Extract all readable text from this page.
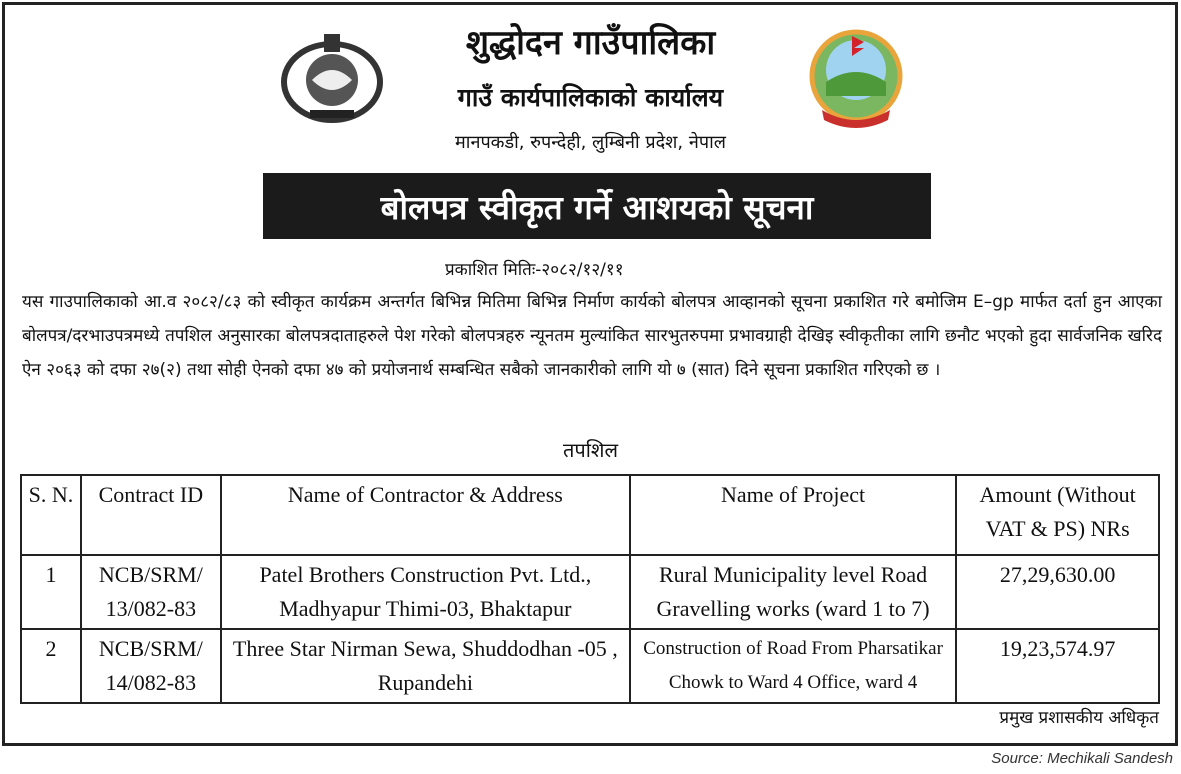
शुद्धोदन गाउँपालिका
गाउँ कार्यपालिकाको कार्यालय
मानपकडी, रुपन्देही, लुम्बिनी प्रदेश, नेपाल
बोलपत्र स्वीकृत गर्ने आशयको सूचना
प्रकाशित मितिः-२०८२/१२/११
यस गाउपालिकाको आ.व २०८२/८३ को स्वीकृत कार्यक्रम अन्तर्गत बिभिन्न मितिमा बिभिन्न निर्माण कार्यको बोलपत्र आव्हानको सूचना प्रकाशित गरे बमोजिम E–gp मार्फत दर्ता हुन आएका बोलपत्र/दरभाउपत्रमध्ये तपशिल अनुसारका बोलपत्रदाताहरुले पेश गरेको बोलपत्रहरु न्यूनतम मुल्यांकित सारभुतरुपमा प्रभावग्राही देखिइ स्वीकृतीका लागि छनौट भएको हुदा सार्वजनिक खरिद ऐन २०६३ को दफा २७(२) तथा सोही ऐनको दफा ४७ को प्रयोजनार्थ सम्बन्धित सबैको जानकारीको लागि यो ७ (सात) दिने सूचना प्रकाशित गरिएको छ ।
तपशिल
S. N.	Contract ID	Name of Contractor & Address	Name of Project	Amount (Without VAT & PS) NRs
1	NCB/SRM/ 13/082-83	Patel Brothers Construction Pvt. Ltd., Madhyapur Thimi-03, Bhaktapur	Rural Municipality level Road Gravelling works (ward 1 to 7)	27,29,630.00
2	NCB/SRM/ 14/082-83	Three Star Nirman Sewa, Shuddodhan -05 , Rupandehi	Construction of Road From Pharsatikar Chowk to Ward 4 Office, ward 4	19,23,574.97
प्रमुख प्रशासकीय अधिकृत
Source: Mechikali Sandesh
